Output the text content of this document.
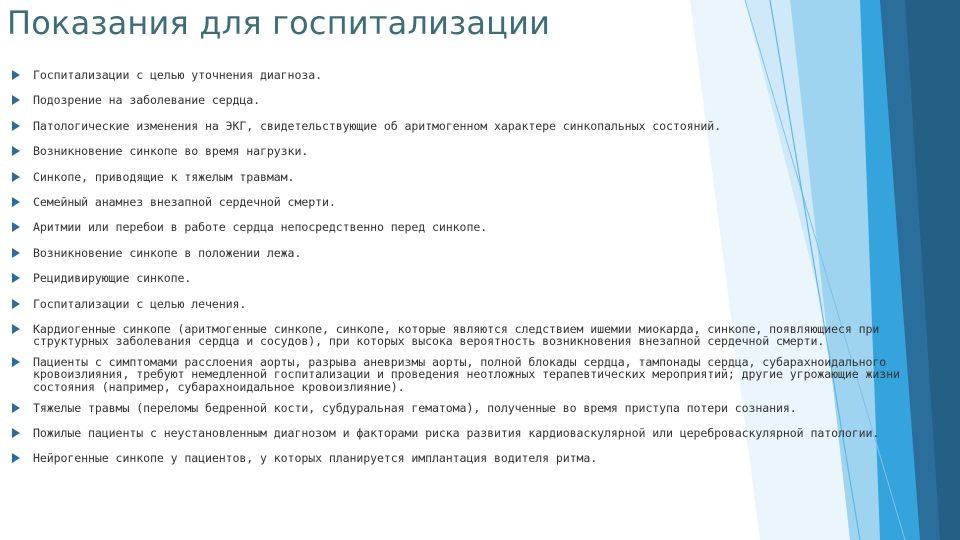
Показания для госпитализации
Госпитализации с целью уточнения диагноза.
Подозрение на заболевание сердца.
Патологические изменения на ЭКГ, свидетельствующие об аритмогенном характере синкопальных состояний.
Возникновение синкопе во время нагрузки.
Синкопе, приводящие к тяжелым травмам.
Семейный анамнез внезапной сердечной смерти.
Аритмии или перебои в работе сердца непосредственно перед синкопе.
Возникновение синкопе в положении лежа.
Рецидивирующие синкопе.
Госпитализации с целью лечения.
Кардиогенные синкопе (аритмогенные синкопе, синкопе, которые являются следствием ишемии миокарда, синкопе, появляющиеся при структурных заболевания сердца и сосудов), при которых высока вероятность возникновения внезапной сердечной смерти.
Пациенты с симптомами расслоения аорты, разрыва аневризмы аорты, полной блокады сердца, тампонады сердца, субарахноидального кровоизлияния, требуют немедленной госпитализации и проведения неотложных терапевтических мероприятий; другие угрожающие жизни состояния (например, субарахноидальное кровоизлияние).
Тяжелые травмы (переломы бедренной кости, субдуральная гематома), полученные во время приступа потери сознания.
Пожилые пациенты с неустановленным диагнозом и факторами риска развития кардиоваскулярной или цереброваскулярной патологии.
Нейрогенные синкопе у пациентов, у которых планируется имплантация водителя ритма.
